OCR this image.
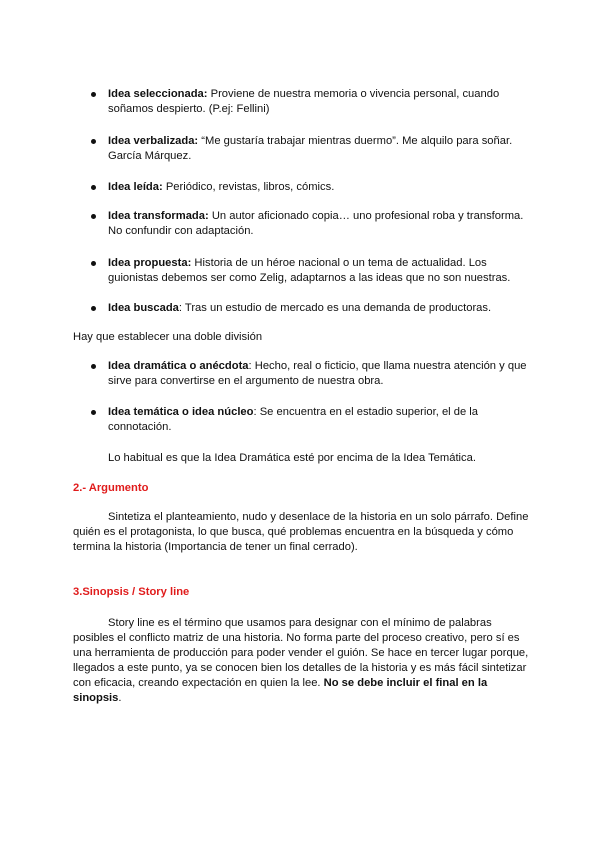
Idea seleccionada: Proviene de nuestra memoria o vivencia personal, cuando soñamos despierto. (P.ej: Fellini)

Idea verbalizada: “Me gustaría trabajar mientras duermo”. Me alquilo para soñar. García Márquez.

Idea leída: Periódico, revistas, libros, cómics.

Idea transformada: Un autor aficionado copia… uno profesional roba y transforma. No confundir con adaptación.

Idea propuesta: Historia de un héroe nacional o un tema de actualidad. Los guionistas debemos ser como Zelig, adaptarnos a las ideas que no son nuestras.

Idea buscada: Tras un estudio de mercado es una demanda de productoras.

Hay que establecer una doble división

Idea dramática o anécdota: Hecho, real o ficticio, que llama nuestra atención y que sirve para convertirse en el argumento de nuestra obra.

Idea temática o idea núcleo: Se encuentra en el estadio superior, el de la connotación.

Lo habitual es que la Idea Dramática esté por encima de la Idea Temática.

2.- Argumento

Sintetiza el planteamiento, nudo y desenlace de la historia en un solo párrafo. Define quién es el protagonista, lo que busca, qué problemas encuentra en la búsqueda y cómo termina la historia (Importancia de tener un final cerrado).

3.Sinopsis / Story line

Story line es el término que usamos para designar con el mínimo de palabras posibles el conflicto matriz de una historia. No forma parte del proceso creativo, pero sí es una herramienta de producción para poder vender el guión. Se hace en tercer lugar porque, llegados a este punto, ya se conocen bien los detalles de la historia y es más fácil sintetizar con eficacia, creando expectación en quien la lee. No se debe incluir el final en la sinopsis.
